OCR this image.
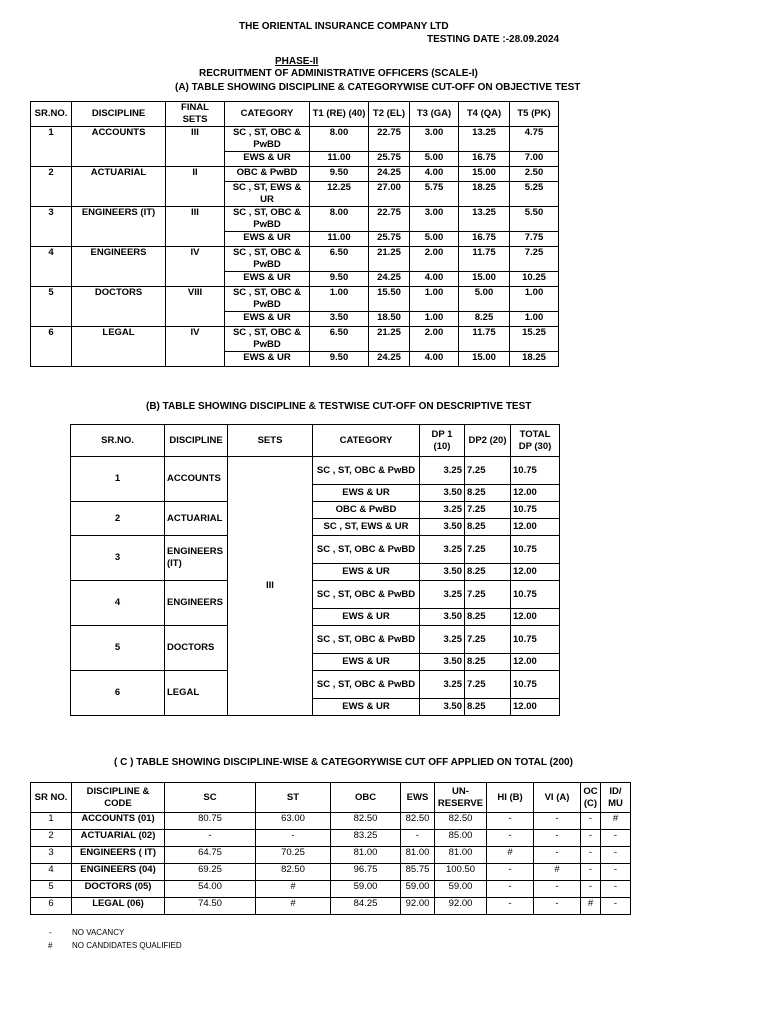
THE ORIENTAL INSURANCE COMPANY LTD
TESTING DATE :-28.09.2024
PHASE-II
RECRUITMENT OF ADMINISTRATIVE OFFICERS (SCALE-I)
(A) TABLE SHOWING DISCIPLINE & CATEGORYWISE CUT-OFF ON OBJECTIVE TEST
SR.NO.	DISCIPLINE	FINAL SETS	CATEGORY	T1 (RE) (40)	T2 (EL)	T3 (GA)	T4 (QA)	T5 (PK)
1	ACCOUNTS	III	SC , ST, OBC & PwBD	8.00	22.75	3.00	13.25	4.75
			EWS & UR	11.00	25.75	5.00	16.75	7.00
2	ACTUARIAL	II	OBC & PwBD	9.50	24.25	4.00	15.00	2.50
			SC , ST, EWS & UR	12.25	27.00	5.75	18.25	5.25
3	ENGINEERS (IT)	III	SC , ST, OBC & PwBD	8.00	22.75	3.00	13.25	5.50
			EWS & UR	11.00	25.75	5.00	16.75	7.75
4	ENGINEERS	IV	SC , ST, OBC & PwBD	6.50	21.25	2.00	11.75	7.25
			EWS & UR	9.50	24.25	4.00	15.00	10.25
5	DOCTORS	VIII	SC , ST, OBC & PwBD	1.00	15.50	1.00	5.00	1.00
			EWS & UR	3.50	18.50	1.00	8.25	1.00
6	LEGAL	IV	SC , ST, OBC & PwBD	6.50	21.25	2.00	11.75	15.25
			EWS & UR	9.50	24.25	4.00	15.00	18.25
(B) TABLE SHOWING DISCIPLINE & TESTWISE CUT-OFF ON DESCRIPTIVE TEST
SR.NO.	DISCIPLINE	SETS	CATEGORY	DP 1 (10)	DP2 (20)	TOTAL DP (30)
1	ACCOUNTS	III	SC , ST, OBC & PwBD	3.25	7.25	10.75
			EWS & UR	3.50	8.25	12.00
2	ACTUARIAL		OBC & PwBD	3.25	7.25	10.75
			SC , ST, EWS & UR	3.50	8.25	12.00
3	ENGINEERS (IT)		SC , ST, OBC & PwBD	3.25	7.25	10.75
			EWS & UR	3.50	8.25	12.00
4	ENGINEERS		SC , ST, OBC & PwBD	3.25	7.25	10.75
			EWS & UR	3.50	8.25	12.00
5	DOCTORS		SC , ST, OBC & PwBD	3.25	7.25	10.75
			EWS & UR	3.50	8.25	12.00
6	LEGAL		SC , ST, OBC & PwBD	3.25	7.25	10.75
			EWS & UR	3.50	8.25	12.00
( C ) TABLE SHOWING DISCIPLINE-WISE & CATEGORYWISE CUT OFF APPLIED ON TOTAL (200)
SR NO.	DISCIPLINE & CODE	SC	ST	OBC	EWS	UN-RESERVE	HI (B)	VI (A)	OC (C)	ID/ MU
1	ACCOUNTS (01)	80.75	63.00	82.50	82.50	82.50	-	-	-	#
2	ACTUARIAL (02)	-	-	83.25	-	85.00	-	-	-	-
3	ENGINEERS ( IT)	64.75	70.25	81.00	81.00	81.00	#	-	-	-
4	ENGINEERS (04)	69.25	82.50	96.75	85.75	100.50	-	#	-	-
5	DOCTORS (05)	54.00	#	59.00	59.00	59.00	-	-	-	-
6	LEGAL (06)	74.50	#	84.25	92.00	92.00	-	-	#	-
-	NO VACANCY
# NO CANDIDATES QUALIFIED
